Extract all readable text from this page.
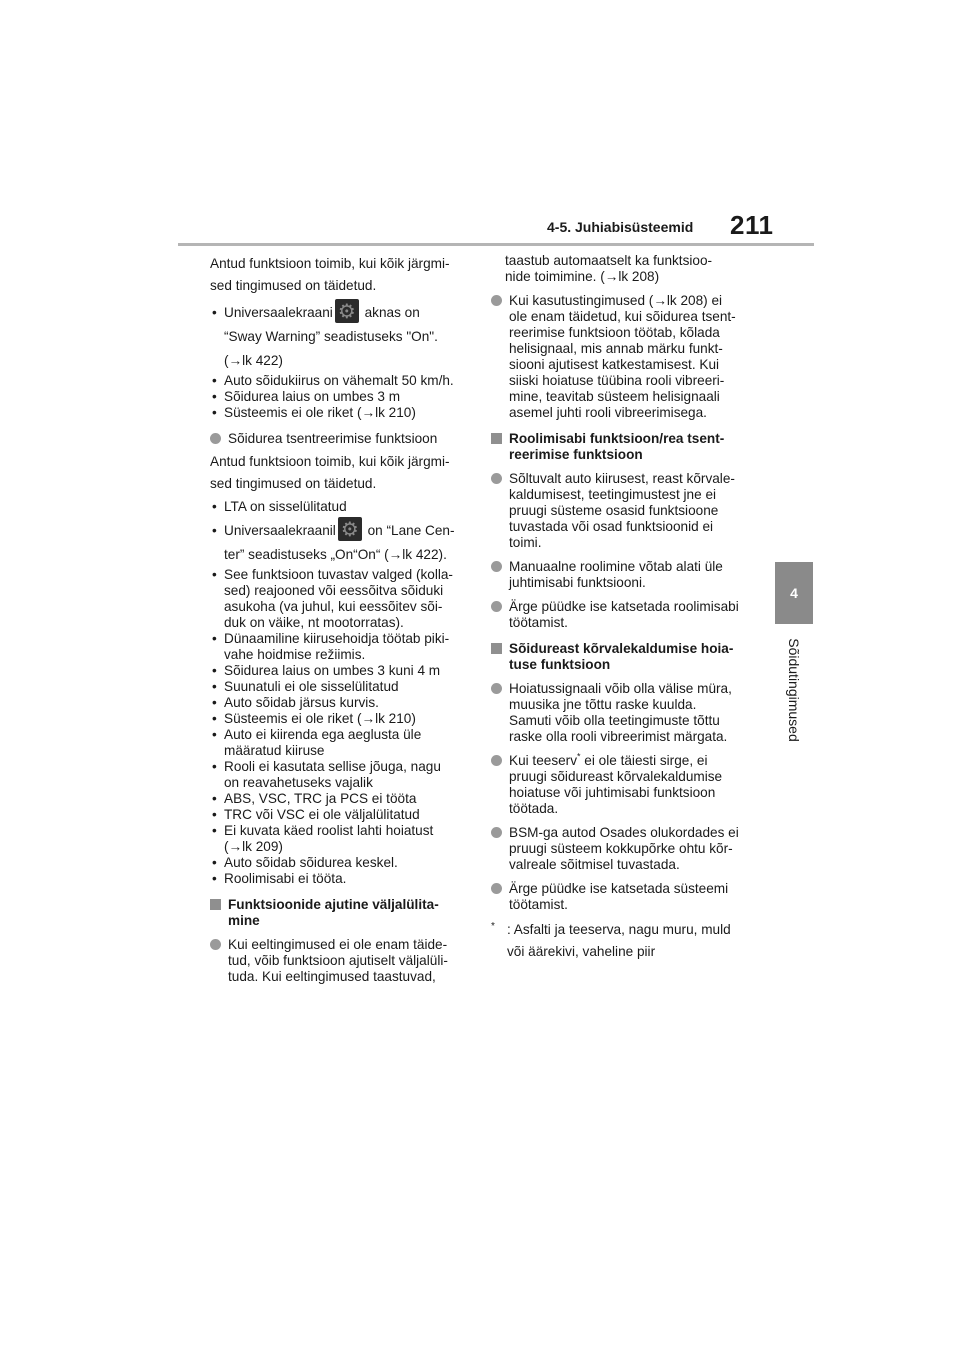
4-5. Juhiabisüsteemid 211
4
Sõidutingimused

Antud funktsioon toimib, kui kõik järgmi-
sed tingimused on täidetud.

• Universaalekraani⚙ aknas on
“Sway Warning” seadistuseks "On".
(→lk 422)
• Auto sõidukiirus on vähemalt 50 km/h.
• Sõidurea laius on umbes 3 m
• Süsteemis ei ole riket (→lk 210)
Sõidurea tsentreerimise funktsioon

Antud funktsioon toimib, kui kõik järgmi-
sed tingimused on täidetud.

• LTA on sisselülitatud
• Universaalekraanil⚙ on “Lane Cen-
ter” seadistuseks „On“On“ (→lk 422).
• See funktsioon tuvastav valged (kolla-
sed) reajooned või eessõitva sõiduki
asukoha (va juhul, kui eessõitev sõi-
duk on väike, nt mootorratas).
• Dünaamiline kiirusehoidja töötab piki-
vahe hoidmise režiimis.
• Sõidurea laius on umbes 3 kuni 4 m
• Suunatuli ei ole sisselülitatud
• Auto sõidab järsus kurvis.
• Süsteemis ei ole riket (→lk 210)
• Auto ei kiirenda ega aeglusta üle
määratud kiiruse
• Rooli ei kasutata sellise jõuga, nagu
on reavahetuseks vajalik
• ABS, VSC, TRC ja PCS ei tööta
• TRC või VSC ei ole väljalülitatud
• Ei kuvata käed roolist lahti hoiatust
(→lk 209)
• Auto sõidab sõidurea keskel.
• Roolimisabi ei tööta.
Funktsioonide ajutine väljalülita-
mine
Kui eeltingimused ei ole enam täide-
tud, võib funktsioon ajutiselt väljalüli-
tuda. Kui eeltingimused taastuvad,
taastub automaatselt ka funktsioo-
nide toimimine. (→lk 208)
Kui kasutustingimused (→lk 208) ei
ole enam täidetud, kui sõidurea tsent-
reerimise funktsioon töötab, kõlada
helisignaal, mis annab märku funkt-
siooni ajutisest katkestamisest. Kui
siiski hoiatuse tüübina rooli vibreeri-
mine, teavitab süsteem helisignaali
asemel juhti rooli vibreerimisega.
Roolimisabi funktsioon/rea tsent-
reerimise funktsioon
Sõltuvalt auto kiirusest, reast kõrvale-
kaldumisest, teetingimustest jne ei
pruugi süsteme osasid funktsioone
tuvastada või osad funktsioonid ei
toimi.
Manuaalne roolimine võtab alati üle
juhtimisabi funktsiooni.
Ärge püüdke ise katsetada roolimisabi
töötamist.
Sõidureast kõrvalekaldumise hoia-
tuse funktsioon
Hoiatussignaali võib olla välise müra,
muusika jne tõttu raske kuulda.
Samuti võib olla teetingimuste tõttu
raske olla rooli vibreerimist märgata.
Kui teeserv* ei ole täiesti sirge, ei
pruugi sõidureast kõrvalekaldumise
hoiatuse või juhtimisabi funktsioon
töötada.
BSM-ga autod Osades olukordades ei
pruugi süsteem kokkupõrke ohtu kõr-
valreale sõitmisel tuvastada.
Ärge püüdke ise katsetada süsteemi
töötamist.
* : Asfalti ja teeserva, nagu muru, muld
või äärekivi, vaheline piir
